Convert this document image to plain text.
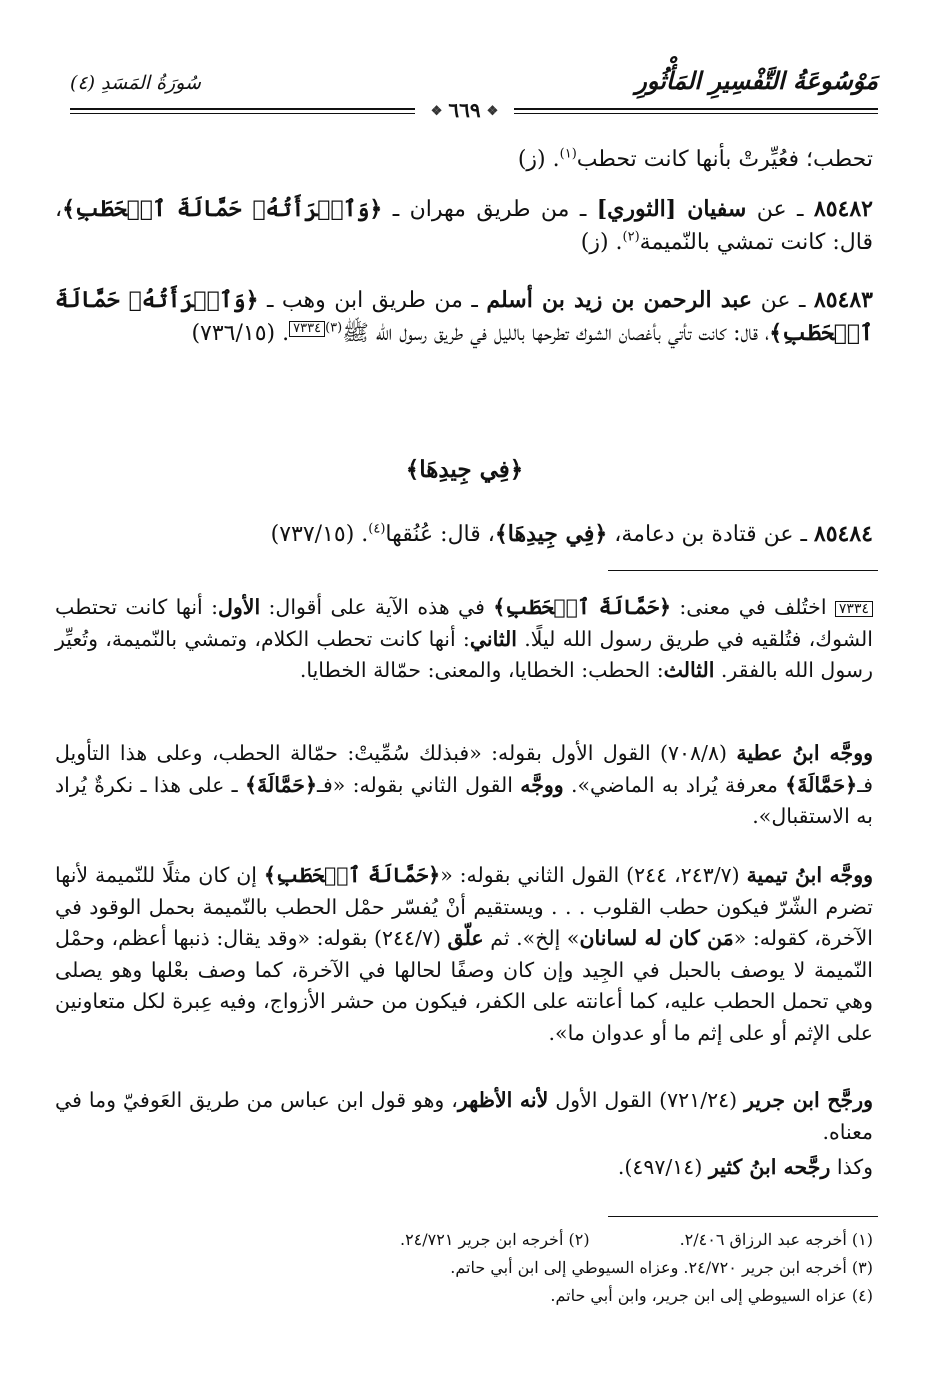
مَوْسُوعَةُ التَّفْسِيرِ المَأْثُورِ
سُورَةُ المَسَدِ (٤)
❖٦٦٩❖
تحطب؛ فعُيِّرتْ بأنها كانت تحطب$^{(١)}$. (ز)
٨٥٤٨٢ ـ عن سفيان [الثوري] ـ من طريق مهران ـ ﴿وَٱمۡرَأَتُهُۥ حَمَّالَةَ ٱلۡحَطَبِ﴾، قال: كانت تمشي بالنّميمة$^{(٢)}$. (ز)
٨٥٤٨٣ ـ عن عبد الرحمن بن زيد بن أسلم ـ من طريق ابن وهب ـ ﴿وَٱمۡرَأَتُهُۥ حَمَّالَةَ ٱلۡحَطَبِ﴾، قال: كانت تأتي بأغصان الشوك تطرحها بالليل في طريق رسول الله ﷺ$^{(٣)}$٧٣٣٤. (٧٣٦/١٥)
﴿فِي جِيدِهَا﴾
٨٥٤٨٤ ـ عن قتادة بن دعامة، ﴿فِي جِيدِهَا﴾، قال: عُنُقها$^{(٤)}$. (٧٣٧/١٥)
٧٣٣٤ اختُلف في معنى: ﴿حَمَّالَةَ ٱلۡحَطَبِ﴾ في هذه الآية على أقوال: الأول: أنها كانت تحتطب الشوك، فتُلقيه في طريق رسول الله ليلًا. الثاني: أنها كانت تحطب الكلام، وتمشي بالنّميمة، وتُعيِّر رسول الله بالفقر. الثالث: الحطب: الخطايا، والمعنى: حمّالة الخطايا.
ووجَّه ابنُ عطية (٧٠٨/٨) القول الأول بقوله: «فبذلك سُمِّيتْ: حمّالة الحطب، وعلى هذا التأويل فـ﴿حَمَّالَةَ﴾ معرفة يُراد به الماضي». ووجَّه القول الثاني بقوله: «فـ﴿حَمَّالَةَ﴾ ـ على هذا ـ نكرةٌ يُراد به الاستقبال».
ووجَّه ابنُ تيمية (٢٤٣/٧، ٢٤٤) القول الثاني بقوله: «﴿حَمَّالَةَ ٱلۡحَطَبِ﴾ إن كان مثلًا للنّميمة لأنها تضرم الشّرّ فيكون حطب القلوب . . . ويستقيم أنْ يُفسّر حمْل الحطب بالنّميمة بحمل الوقود في الآخرة، كقوله: «مَن كان له لسانان» إلخ». ثم علّق (٢٤٤/٧) بقوله: «وقد يقال: ذنبها أعظم، وحمْل النّميمة لا يوصف بالحبل في الجِيد وإن كان وصفًا لحالها في الآخرة، كما وصف بعْلها وهو يصلى وهي تحمل الحطب عليه، كما أعانته على الكفر، فيكون من حشر الأزواج، وفيه عِبرة لكل متعاونين على الإثم أو على إثم ما أو عدوان ما».
ورجَّح ابن جرير (٧٢١/٢٤) القول الأول لأنه الأظهر، وهو قول ابن عباس من طريق العَوفيّ وما في معناه.
وكذا رجَّحه ابنُ كثير (٤٩٧/١٤).
(١) أخرجه عبد الرزاق ٢/٤٠٦.(٢) أخرجه ابن جرير ٢٤/٧٢١.
(٣) أخرجه ابن جرير ٢٤/٧٢٠. وعزاه السيوطي إلى ابن أبي حاتم.
(٤) عزاه السيوطي إلى ابن جرير، وابن أبي حاتم.
